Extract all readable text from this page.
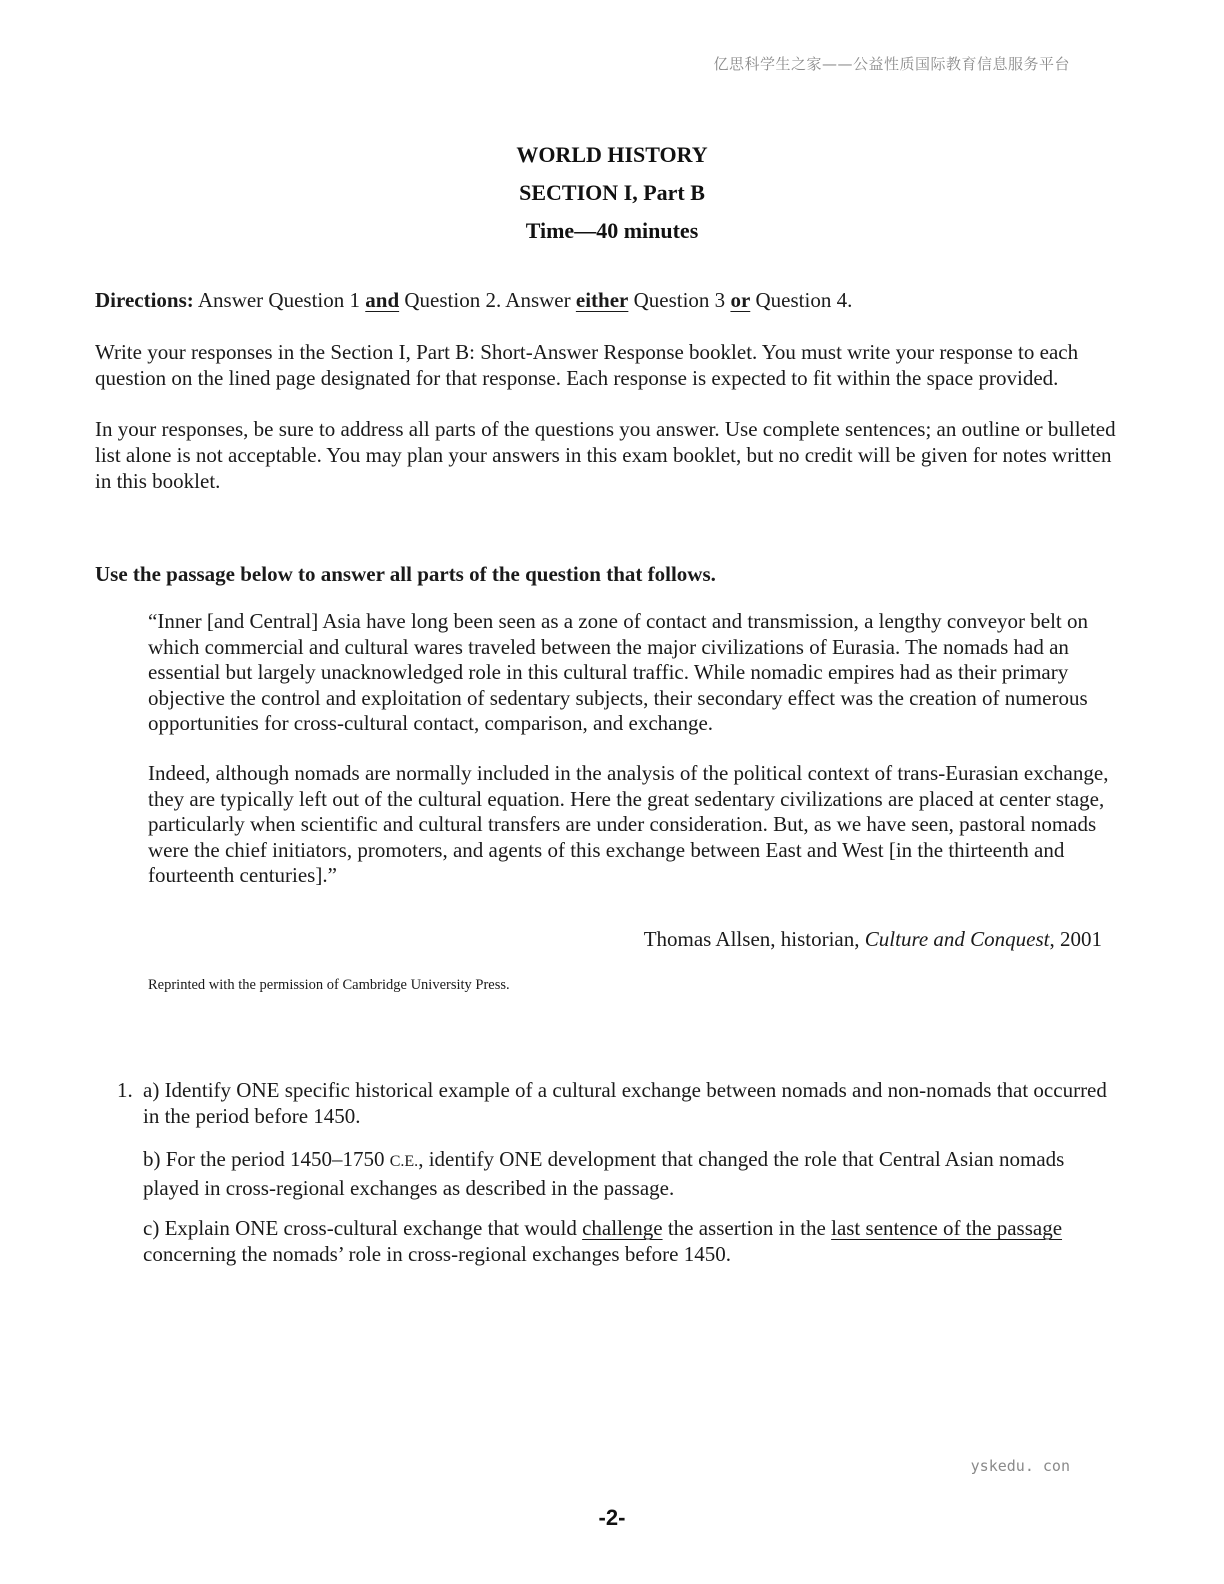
亿思科学生之家——公益性质国际教育信息服务平台
WORLD HISTORY
SECTION I, Part B
Time—40 minutes
Directions: Answer Question 1 and Question 2. Answer either Question 3 or Question 4.
Write your responses in the Section I, Part B: Short-Answer Response booklet. You must write your response to each question on the lined page designated for that response. Each response is expected to fit within the space provided.
In your responses, be sure to address all parts of the questions you answer. Use complete sentences; an outline or bulleted list alone is not acceptable. You may plan your answers in this exam booklet, but no credit will be given for notes written in this booklet.
Use the passage below to answer all parts of the question that follows.
“Inner [and Central] Asia have long been seen as a zone of contact and transmission, a lengthy conveyor belt on which commercial and cultural wares traveled between the major civilizations of Eurasia. The nomads had an essential but largely unacknowledged role in this cultural traffic. While nomadic empires had as their primary objective the control and exploitation of sedentary subjects, their secondary effect was the creation of numerous opportunities for cross-cultural contact, comparison, and exchange.
Indeed, although nomads are normally included in the analysis of the political context of trans-Eurasian exchange, they are typically left out of the cultural equation. Here the great sedentary civilizations are placed at center stage, particularly when scientific and cultural transfers are under consideration. But, as we have seen, pastoral nomads were the chief initiators, promoters, and agents of this exchange between East and West [in the thirteenth and fourteenth centuries].”
Thomas Allsen, historian, Culture and Conquest, 2001
Reprinted with the permission of Cambridge University Press.
1. a) Identify ONE specific historical example of a cultural exchange between nomads and non-nomads that occurred in the period before 1450.
b) For the period 1450–1750 C.E., identify ONE development that changed the role that Central Asian nomads played in cross-regional exchanges as described in the passage.
c) Explain ONE cross-cultural exchange that would challenge the assertion in the last sentence of the passage concerning the nomads’ role in cross-regional exchanges before 1450.
yskedu. con
-2-
